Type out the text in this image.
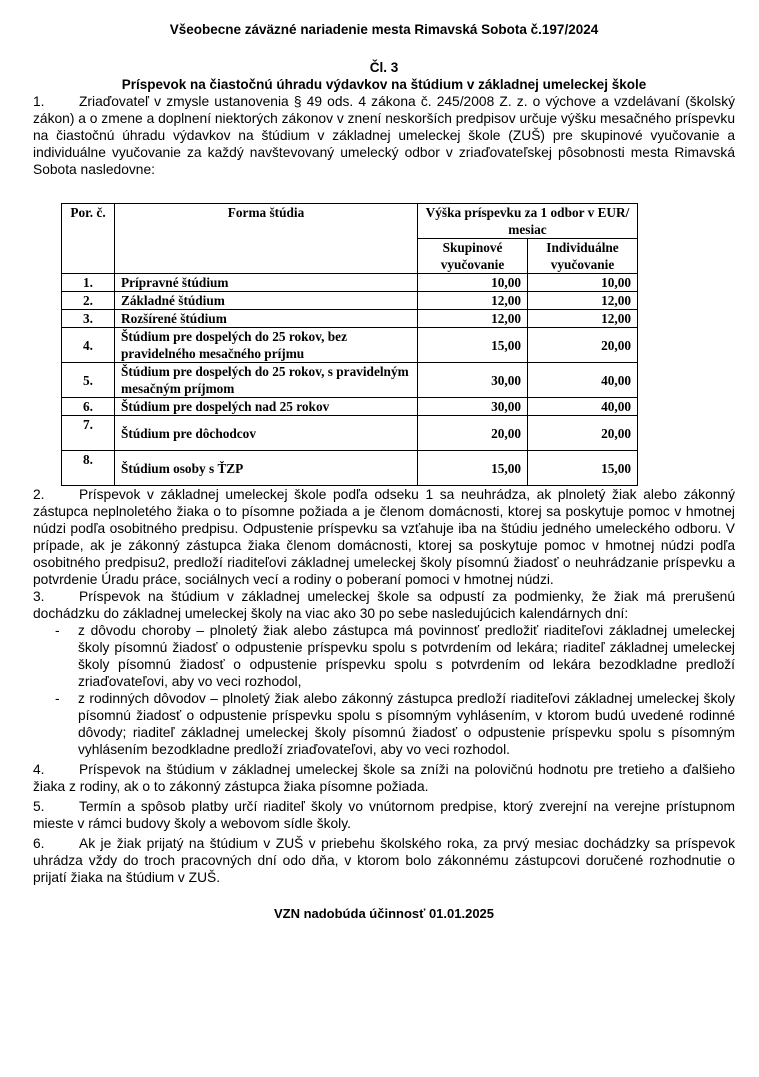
Všeobecne záväzné nariadenie mesta Rimavská Sobota č.197/2024
Čl. 3
Príspevok na čiastočnú úhradu výdavkov na štúdium v základnej umeleckej škole

1. Zriaďovateľ v zmysle ustanovenia § 49 ods. 4 zákona č. 245/2008 Z. z. o výchove a vzdelávaní (školský zákon) a o zmene a doplnení niektorých zákonov v znení neskorších predpisov určuje výšku mesačného príspevku na čiastočnú úhradu výdavkov na štúdium v základnej umeleckej škole (ZUŠ) pre skupinové vyučovanie a individuálne vyučovanie za každý navštevovaný umelecký odbor v zriaďovateľskej pôsobnosti mesta Rimavská Sobota nasledovne:

Por. č.	Forma štúdia	Výška príspevku za 1 odbor v EUR/ mesiac	
		Skupinové vyučovanie	Individuálne vyučovanie
1.	Prípravné štúdium	10,00	10,00
2.	Základné štúdium	12,00	12,00
3.	Rozšírené štúdium	12,00	12,00
4.	Štúdium pre dospelých do 25 rokov, bez pravidelného mesačného príjmu	15,00	20,00
5.	Štúdium pre dospelých do 25 rokov, s pravidelným mesačným príjmom	30,00	40,00
6.	Štúdium pre dospelých nad 25 rokov	30,00	40,00
7.	Štúdium pre dôchodcov	20,00	20,00
8.	Štúdium osoby s ŤZP	15,00	15,00

2. Príspevok v základnej umeleckej škole podľa odseku 1 sa neuhrádza, ak plnoletý žiak alebo zákonný zástupca neplnoletého žiaka o to písomne požiada a je členom domácnosti, ktorej sa poskytuje pomoc v hmotnej núdzi podľa osobitného predpisu. Odpustenie príspevku sa vzťahuje iba na štúdiu jedného umeleckého odboru. V prípade, ak je zákonný zástupca žiaka členom domácnosti, ktorej sa poskytuje pomoc v hmotnej núdzi podľa osobitného predpisu2, predloží riaditeľovi základnej umeleckej školy písomnú žiadosť o neuhrádzanie príspevku a potvrdenie Úradu práce, sociálnych vecí a rodiny o poberaní pomoci v hmotnej núdzi.

3. Príspevok na štúdium v základnej umeleckej škole sa odpustí za podmienky, že žiak má prerušenú dochádzku do základnej umeleckej školy na viac ako 30 po sebe nasledujúcich kalendárnych dní:

- z dôvodu choroby – plnoletý žiak alebo zástupca má povinnosť predložiť riaditeľovi základnej umeleckej školy písomnú žiadosť o odpustenie príspevku spolu s potvrdením od lekára; riaditeľ základnej umeleckej školy písomnú žiadosť o odpustenie príspevku spolu s potvrdením od lekára bezodkladne predloží zriaďovateľovi, aby vo veci rozhodol,
- z rodinných dôvodov – plnoletý žiak alebo zákonný zástupca predloží riaditeľovi základnej umeleckej školy písomnú žiadosť o odpustenie príspevku spolu s písomným vyhlásením, v ktorom budú uvedené rodinné dôvody; riaditeľ základnej umeleckej školy písomnú žiadosť o odpustenie príspevku spolu s písomným vyhlásením bezodkladne predloží zriaďovateľovi, aby vo veci rozhodol.

4. Príspevok na štúdium v základnej umeleckej škole sa zníži na polovičnú hodnotu pre tretieho a ďalšieho žiaka z rodiny, ak o to zákonný zástupca žiaka písomne požiada.

5. Termín a spôsob platby určí riaditeľ školy vo vnútornom predpise, ktorý zverejní na verejne prístupnom mieste v rámci budovy školy a webovom sídle školy.

6. Ak je žiak prijatý na štúdium v ZUŠ v priebehu školského roka, za prvý mesiac dochádzky sa príspevok uhrádza vždy do troch pracovných dní odo dňa, v ktorom bolo zákonnému zástupcovi doručené rozhodnutie o prijatí žiaka na štúdium v ZUŠ.

VZN nadobúda účinnosť 01.01.2025
